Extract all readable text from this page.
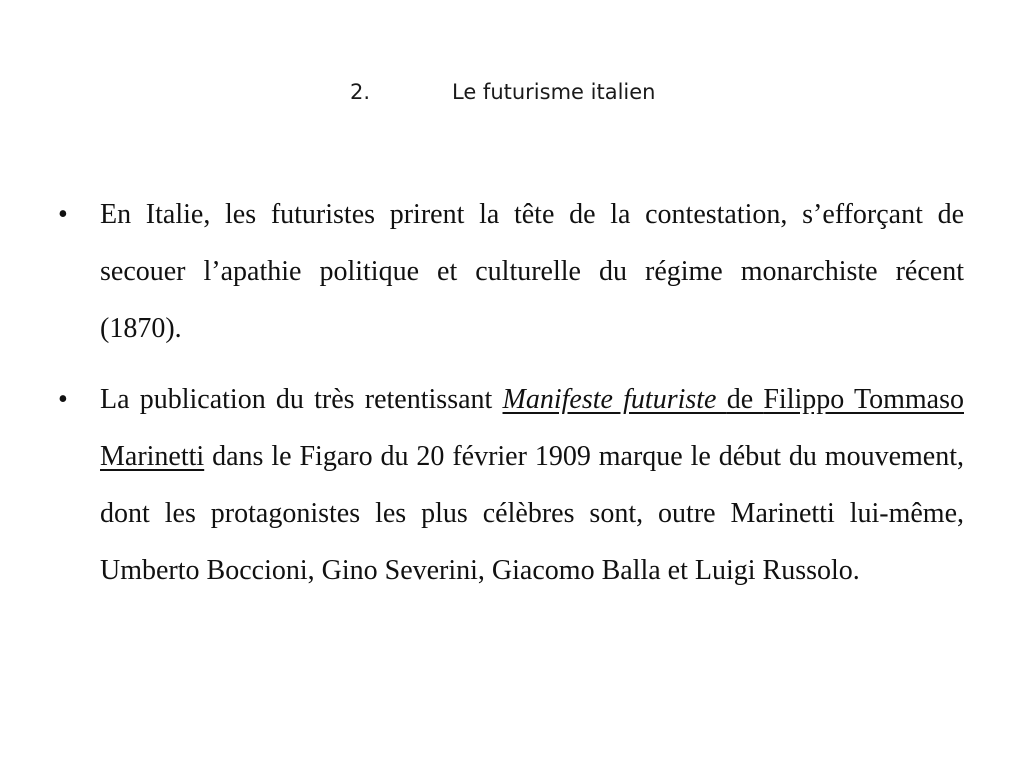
2.	Le futurisme italien

•	En Italie, les futuristes prirent la tête de la contestation, s’efforçant de secouer l’apathie politique et culturelle du régime monarchiste récent (1870).

•	La publication du très retentissant Manifeste futuriste de Filippo Tommaso Marinetti dans le Figaro du 20 février 1909 marque le début du mouvement, dont les protagonistes les plus célèbres sont, outre Marinetti lui-même, Umberto Boccioni, Gino Severini, Giacomo Balla et Luigi Russolo.
